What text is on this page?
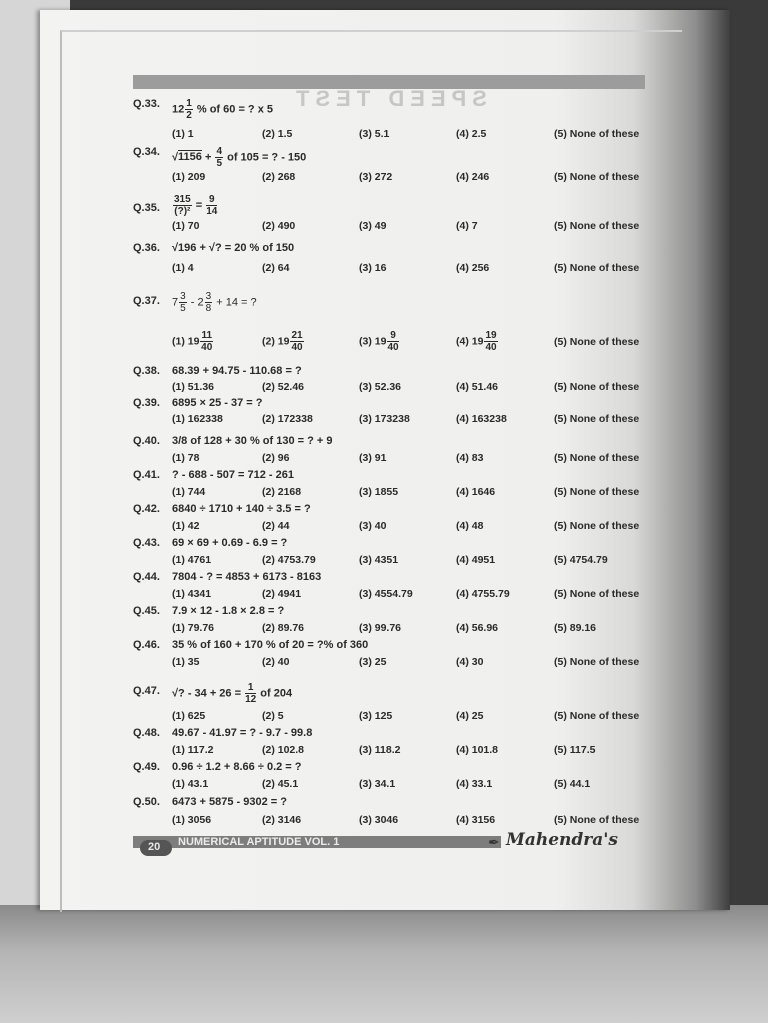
SPEED TEST
Q.33.	$12 \frac{1}{2}$ % of 60 = ? x 5
(1) 1	(2) 1.5	(3) 5.1	(4) 2.5	(5) None of these
Q.34.	$√1156 + \frac{4}{5}$ of 105 = ? - 150
(1) 209	(2) 268	(3) 272	(4) 246	(5) None of these
Q.35.	$\frac{315}{\text{(?)²}} = \frac{9}{14}$
(1) 70	(2) 490	(3) 49	(4) 7	(5) None of these
Q.36.	√196 + √? = 20 % of 150
(1) 4	(2) 64	(3) 16	(4) 256	(5) None of these
Q.37.	$7 \frac{3}{5} - 2 \frac{3}{8} + 14$ = ?
(1) $19 \frac{11}{40}$	(2) $19 \frac{21}{40}$	(3) $19 \frac{9}{40}$	(4) $19 \frac{19}{40}$	(5) None of these
Q.38.	68.39 + 94.75 - 110.68 = ?
(1) 51.36	(2) 52.46	(3) 52.36	(4) 51.46	(5) None of these
Q.39.	6895 × 25 - 37 = ?
(1) 162338	(2) 172338	(3) 173238	(4) 163238	(5) None of these
Q.40.	3/8 of 128 + 30 % of 130 = ? + 9
(1) 78	(2) 96	(3) 91	(4) 83	(5) None of these
Q.41.	? - 688 - 507 = 712 - 261
(1) 744	(2) 2168	(3) 1855	(4) 1646	(5) None of these
Q.42.	6840 ÷ 1710 + 140 ÷ 3.5 = ?
(1) 42	(2) 44	(3) 40	(4) 48	(5) None of these
Q.43.	69 × 69 + 0.69 - 6.9 = ?
(1) 4761	(2) 4753.79	(3) 4351	(4) 4951	(5) 4754.79
Q.44.	7804 - ? = 4853 + 6173 - 8163
(1) 4341	(2) 4941	(3) 4554.79	(4) 4755.79	(5) None of these
Q.45.	7.9 × 12 - 1.8 × 2.8 = ?
(1) 79.76	(2) 89.76	(3) 99.76	(4) 56.96	(5) 89.16
Q.46.	35 % of 160 + 170 % of 20 = ?% of 360
(1) 35	(2) 40	(3) 25	(4) 30	(5) None of these
Q.47.	√? - $34 + 26 = \frac{1}{12}$ of 204
(1) 625	(2) 5	(3) 125	(4) 25	(5) None of these
Q.48.	49.67 - 41.97 = ? - 9.7 - 99.8
(1) 117.2	(2) 102.8	(3) 118.2	(4) 101.8	(5) 117.5
Q.49.	0.96 ÷ 1.2 + 8.66 ÷ 0.2 = ?
(1) 43.1	(2) 45.1	(3) 34.1	(4) 33.1	(5) 44.1
Q.50.	6473 + 5875 - 9302 = ?
(1) 3056	(2) 3146	(3) 3046	(4) 3156	(5) None of these
20 NUMERICAL APTITUDE VOL. 1	✒ Mahendra's
